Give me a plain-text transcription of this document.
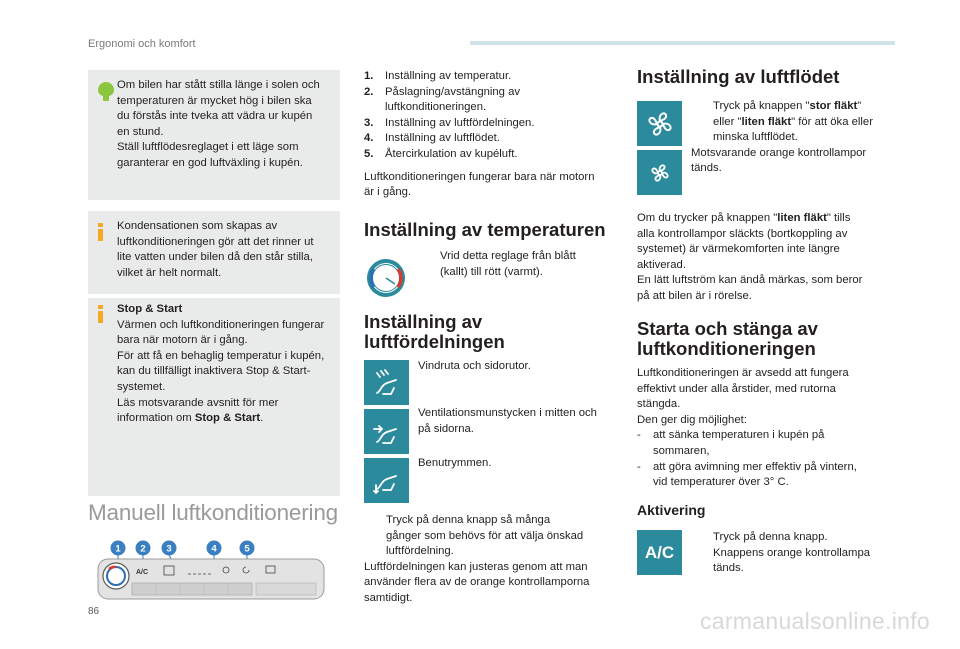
Ergonomi och komfort
Om bilen har stått stilla länge i solen och
temperaturen är mycket hög i bilen ska
du förstås inte tveka att vädra ur kupén
en stund.
Ställ luftflödesreglaget i ett läge som
garanterar en god luftväxling i kupén.
Kondensationen som skapas av
luftkonditioneringen gör att det rinner ut
lite vatten under bilen då den står stilla,
vilket är helt normalt.
Stop & Start
Värmen och luftkonditioneringen fungerar
bara när motorn är i gång.
För att få en behaglig temperatur i kupén,
kan du tillfälligt inaktivera Stop & Start-
systemet.
Läs motsvarande avsnitt för mer
information om Stop & Start.
Manuell luftkonditionering
1 2 3	4	5
A/C
1.	Inställning av temperatur.
2.	Påslagning/avstängning av
luftkonditioneringen.
3.	Inställning av luftfördelningen.
4.	Inställning av luftflödet.
5.	Återcirkulation av kupéluft.
Luftkonditioneringen fungerar bara när motorn
är i gång.
Inställning av temperaturen
Vrid detta reglage från blått
(kallt) till rött (varmt).
Inställning av
luftfördelningen
Vindruta och sidorutor.
Ventilationsmunstycken i mitten och
på sidorna.
Benutrymmen.
Tryck på denna knapp så många
gånger som behövs för att välja önskad
luftfördelning.
Luftfördelningen kan justeras genom att man
använder flera av de orange kontrollamporna
samtidigt.
Inställning av luftflödet
Tryck på knappen "stor fläkt"
eller "liten fläkt" för att öka eller
minska luftflödet.
Motsvarande orange kontrollampor
tänds.
Om du trycker på knappen "liten fläkt" tills
alla kontrollampor släckts (bortkoppling av
systemet) är värmekomforten inte längre
aktiverad.
En lätt luftström kan ändå märkas, som beror
på att bilen är i rörelse.
Starta och stänga av
luftkonditioneringen
Luftkonditioneringen är avsedd att fungera
effektivt under alla årstider, med rutorna
stängda.
Den ger dig möjlighet:
-	att sänka temperaturen i kupén på
sommaren,
-	att göra avimning mer effektiv på vintern,
vid temperaturer över 3° C.
Aktivering
A/C
Tryck på denna knapp.
Knappens orange kontrollampa
tänds.
86	carmanualsonline.info
